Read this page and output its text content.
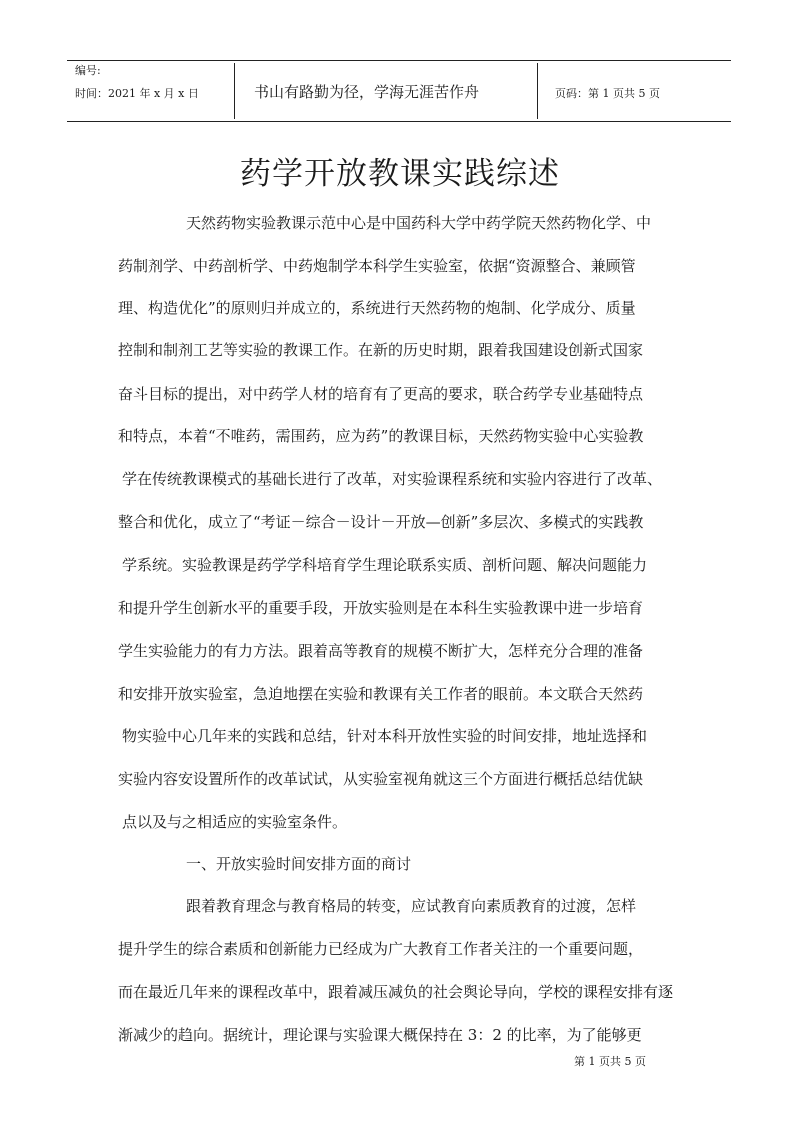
编号:
时间：2021 年 x 月 x 日	书山有路勤为径，学海无涯苦作舟	页码：第 1 页共 5 页
药学开放教课实践综述
天然药物实验教课示范中心是中国药科大学中药学院天然药物化学、中
药制剂学、中药剖析学、中药炮制学本科学生实验室，依据“资源整合、兼顾管
理、构造优化”的原则归并成立的，系统进行天然药物的炮制、化学成分、质量
控制和制剂工艺等实验的教课工作。在新的历史时期，跟着我国建设创新式国家
奋斗目标的提出，对中药学人材的培育有了更高的要求，联合药学专业基础特点
和特点，本着“不唯药，需围药，应为药”的教课目标，天然药物实验中心实验教
学在传统教课模式的基础长进行了改革，对实验课程系统和实验内容进行了改革、
整合和优化，成立了“考证－综合－设计－开放—创新”多层次、多模式的实践教
学系统。实验教课是药学学科培育学生理论联系实质、剖析问题、解决问题能力
和提升学生创新水平的重要手段，开放实验则是在本科生实验教课中进一步培育
学生实验能力的有力方法。跟着高等教育的规模不断扩大，怎样充分合理的准备
和安排开放实验室，急迫地摆在实验和教课有关工作者的眼前。本文联合天然药
物实验中心几年来的实践和总结，针对本科开放性实验的时间安排，地址选择和
实验内容安设置所作的改革试试，从实验室视角就这三个方面进行概括总结优缺
点以及与之相适应的实验室条件。
一、开放实验时间安排方面的商讨
跟着教育理念与教育格局的转变，应试教育向素质教育的过渡，怎样
提升学生的综合素质和创新能力已经成为广大教育工作者关注的一个重要问题，
而在最近几年来的课程改革中，跟着减压减负的社会舆论导向，学校的课程安排有逐
渐减少的趋向。据统计，理论课与实验课大概保持在 3：2 的比率，为了能够更
第 1 页共 5 页
